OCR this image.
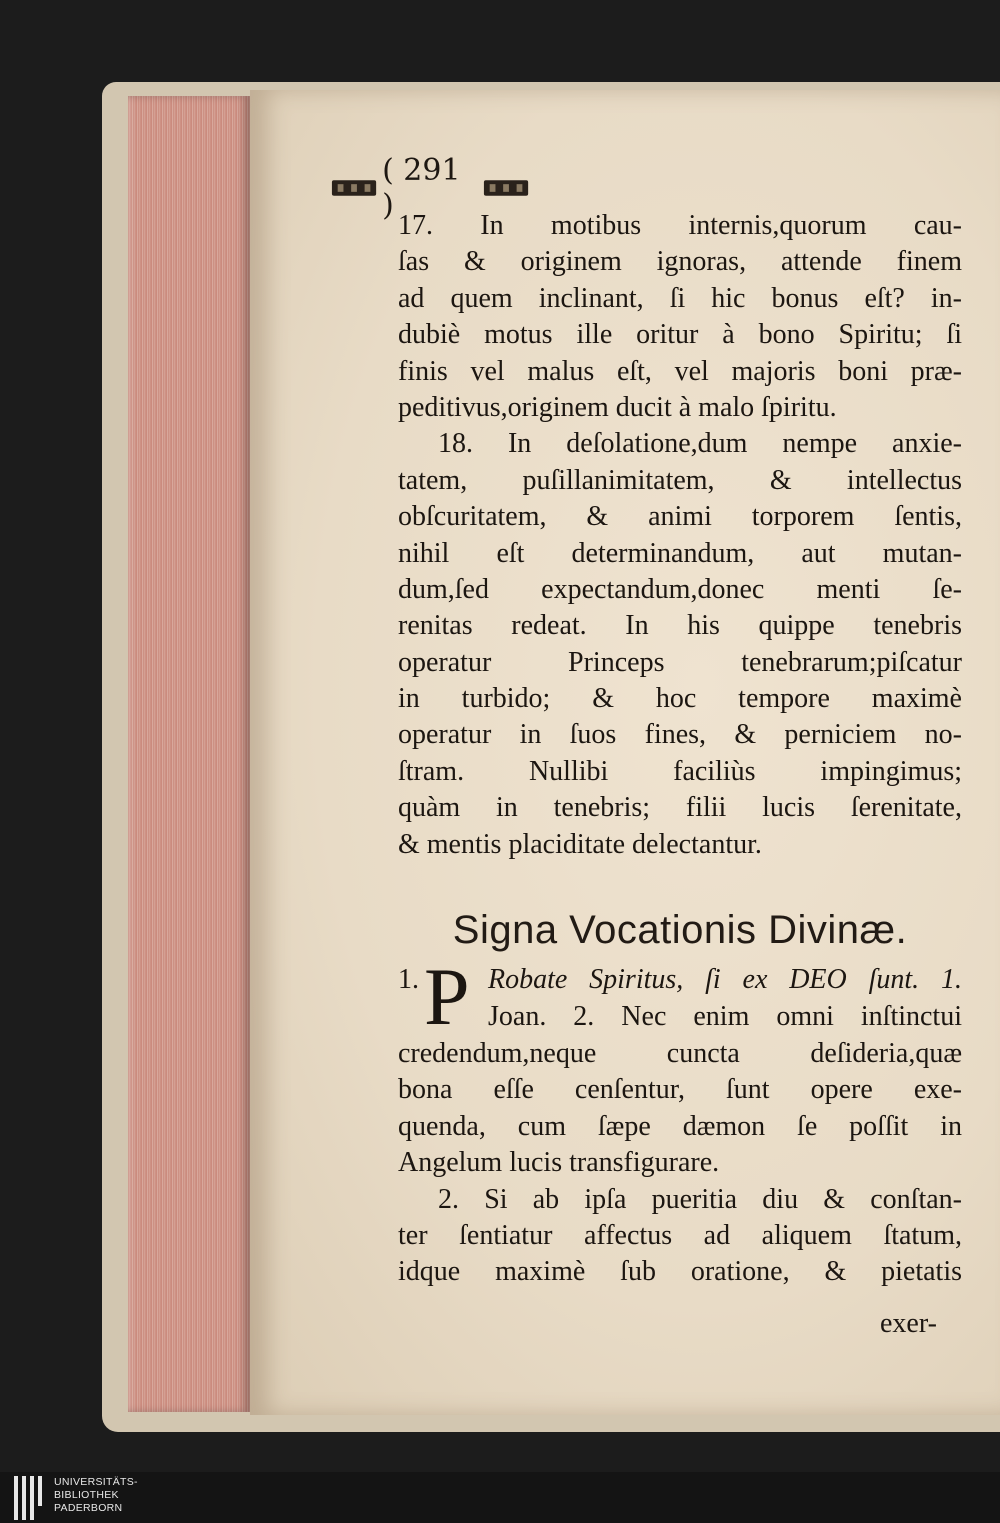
( 291 )
17. In motibus internis,quorum cau-
ſas & originem ignoras, attende finem
ad quem inclinant, ſi hic bonus eſt? in-
dubiè motus ille oritur à bono Spiritu; ſi
finis vel malus eſt, vel majoris boni præ-
peditivus,originem ducit à malo ſpiritu.
18. In deſolatione,dum nempe anxie-
tatem, puſillanimitatem, & intellectus
obſcuritatem, & animi torporem ſentis,
nihil eſt determinandum, aut mutan-
dum,ſed expectandum,donec menti ſe-
renitas redeat. In his quippe tenebris
operatur Princeps tenebrarum;piſcatur
in turbido; & hoc tempore maximè
operatur in ſuos fines, & perniciem no-
ſtram. Nullibi faciliùs impingimus;
quàm in tenebris; filii lucis ſerenitate,
& mentis placiditate delectantur.
Signa Vocationis Divinæ.
1. P Robate Spiritus, ſi ex DEO ſunt. 1.
Joan. 2. Nec enim omni inſtinctui
credendum,neque cuncta deſideria,quæ
bona eſſe cenſentur, ſunt opere exe-
quenda, cum ſæpe dæmon ſe poſſit in
Angelum lucis transfigurare.
2. Si ab ipſa pueritia diu & conſtan-
ter ſentiatur affectus ad aliquem ſtatum,
idque maximè ſub oratione, & pietatis
exer-
UNIVERSITÄTS-
BIBLIOTHEK
PADERBORN
